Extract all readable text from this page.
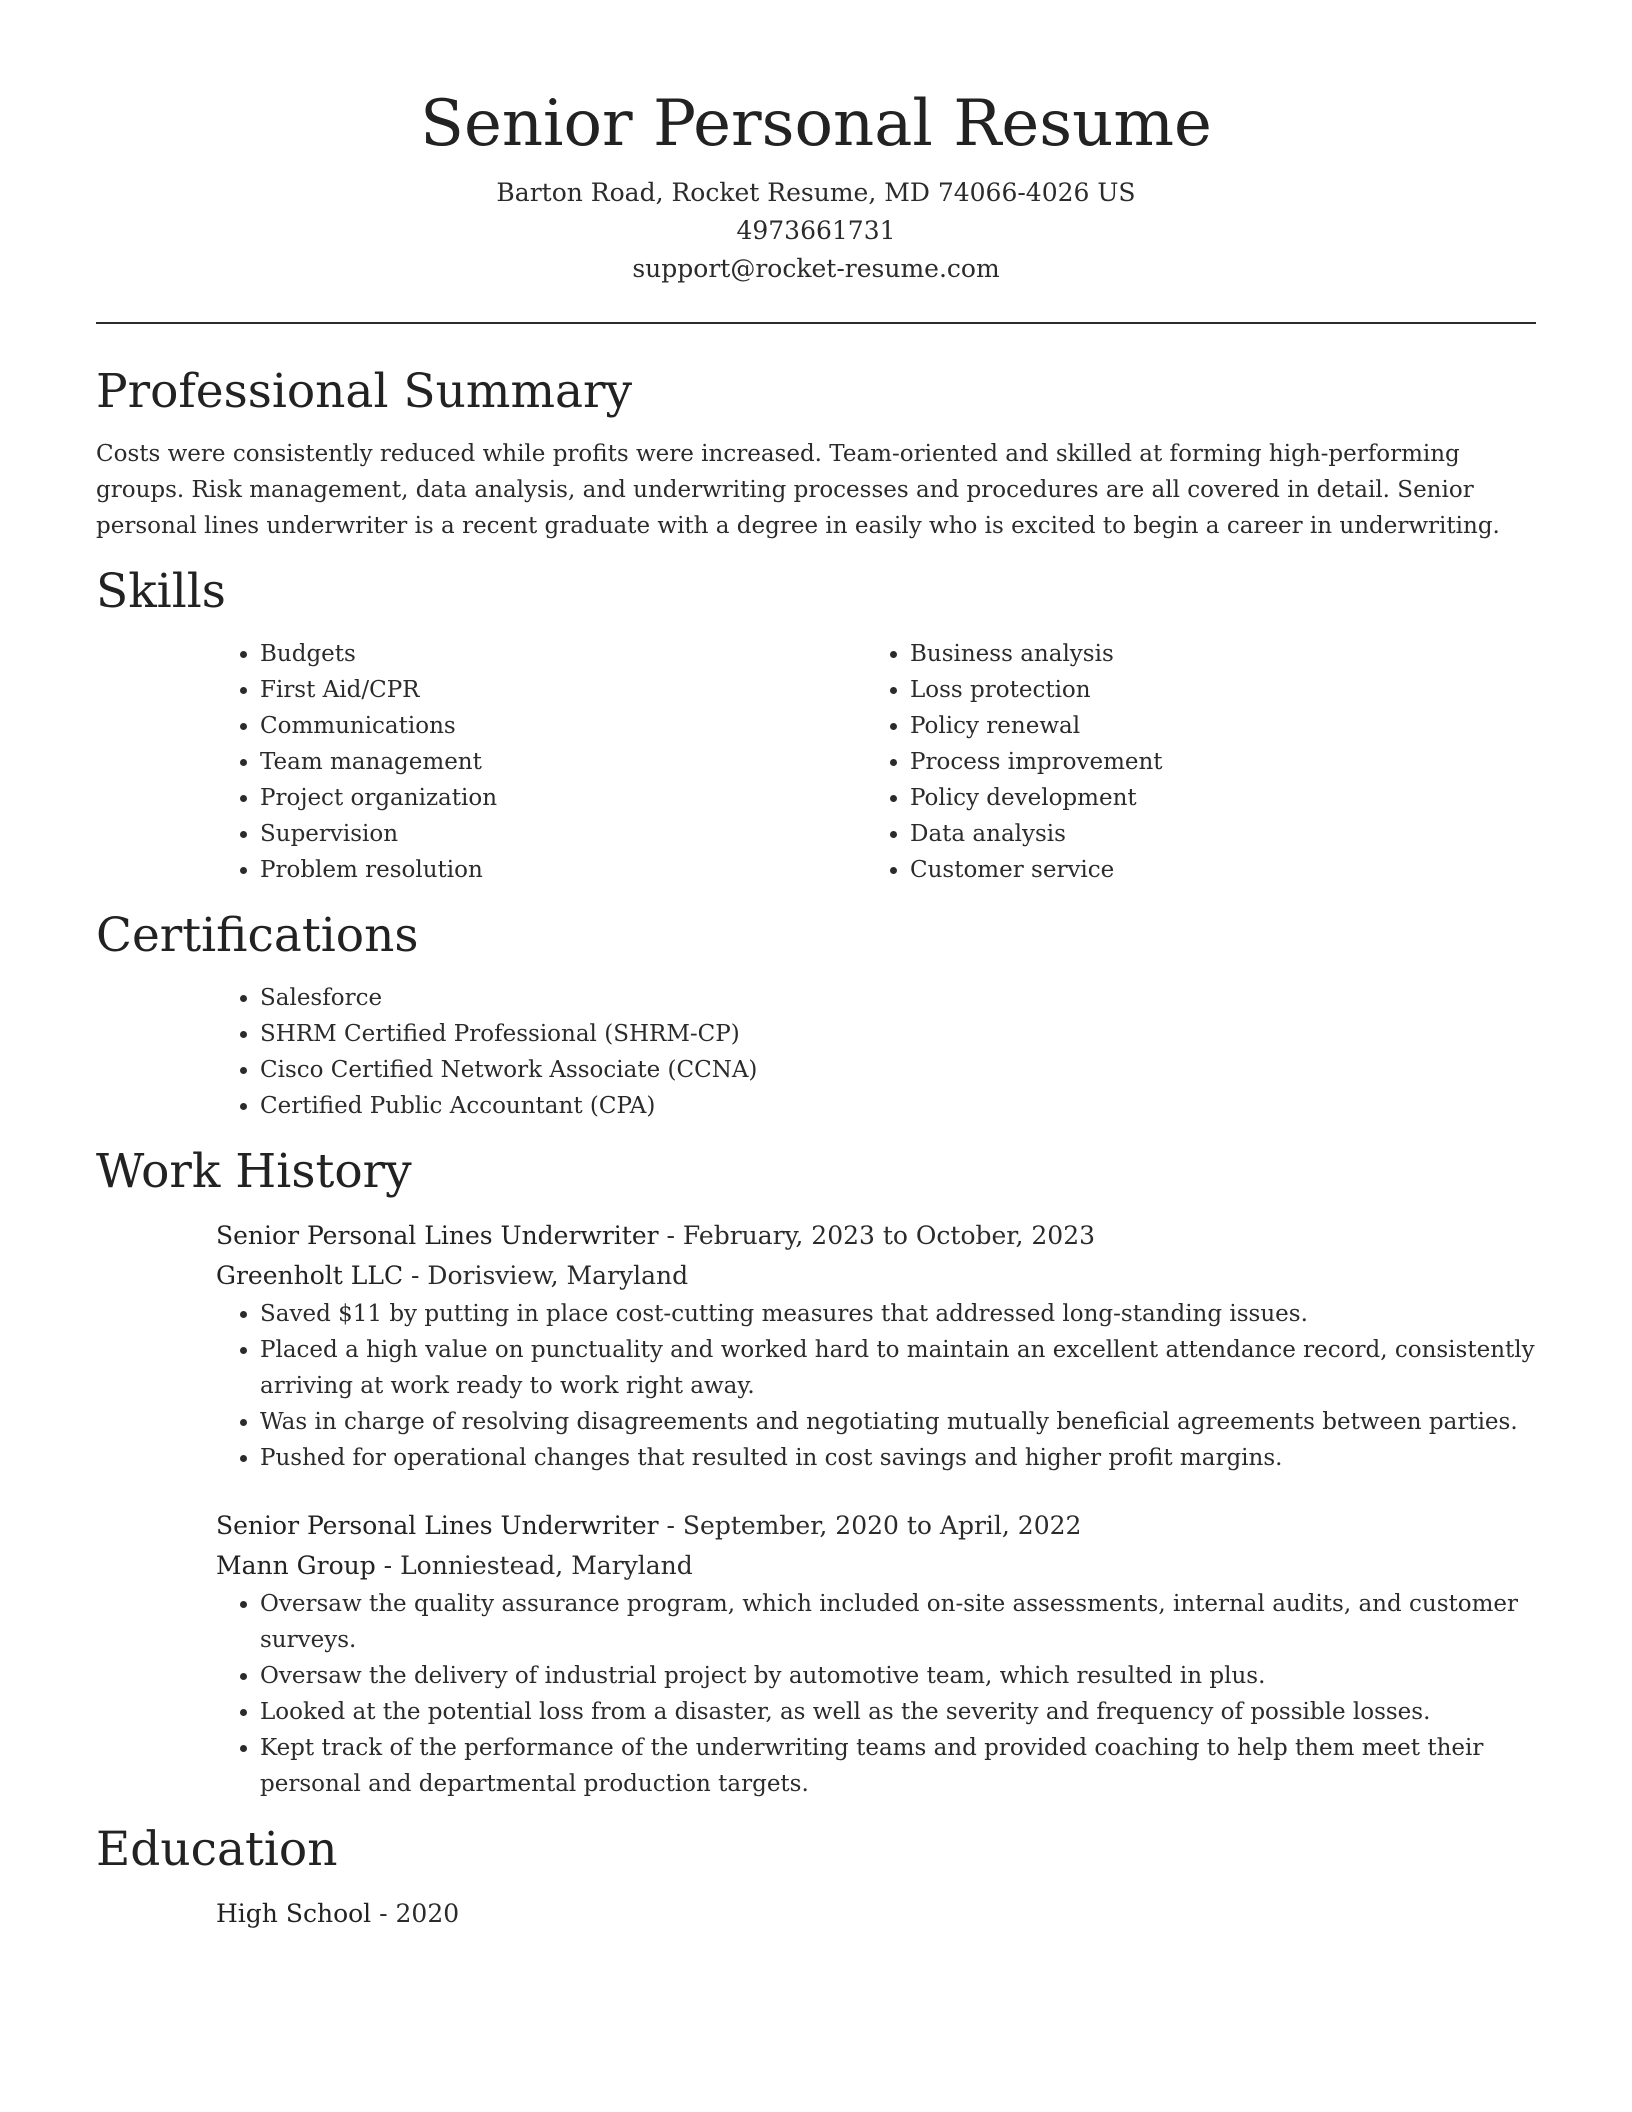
Senior Personal Resume
Barton Road, Rocket Resume, MD 74066-4026 US
4973661731
support@rocket-resume.com
Professional Summary

Costs were consistently reduced while profits were increased. Team-oriented and skilled at forming high-performing groups. Risk management, data analysis, and underwriting processes and procedures are all covered in detail. Senior personal lines underwriter is a recent graduate with a degree in easily who is excited to begin a career in underwriting.

Skills
• Budgets
• First Aid/CPR
• Communications
• Team management
• Project organization
• Supervision
• Problem resolution
• Business analysis
• Loss protection
• Policy renewal
• Process improvement
• Policy development
• Data analysis
• Customer service
Certifications
• Salesforce
• SHRM Certified Professional (SHRM-CP)
• Cisco Certified Network Associate (CCNA)
• Certified Public Accountant (CPA)
Work History
Senior Personal Lines Underwriter - February, 2023 to October, 2023
Greenholt LLC - Dorisview, Maryland
• Saved $11 by putting in place cost-cutting measures that addressed long-standing issues.
• Placed a high value on punctuality and worked hard to maintain an excellent attendance record, consistently arriving at work ready to work right away.
• Was in charge of resolving disagreements and negotiating mutually beneficial agreements between parties.
• Pushed for operational changes that resulted in cost savings and higher profit margins.
Senior Personal Lines Underwriter - September, 2020 to April, 2022
Mann Group - Lonniestead, Maryland
• Oversaw the quality assurance program, which included on-site assessments, internal audits, and customer surveys.
• Oversaw the delivery of industrial project by automotive team, which resulted in plus.
• Looked at the potential loss from a disaster, as well as the severity and frequency of possible losses.
• Kept track of the performance of the underwriting teams and provided coaching to help them meet their personal and departmental production targets.
Education
High School - 2020
